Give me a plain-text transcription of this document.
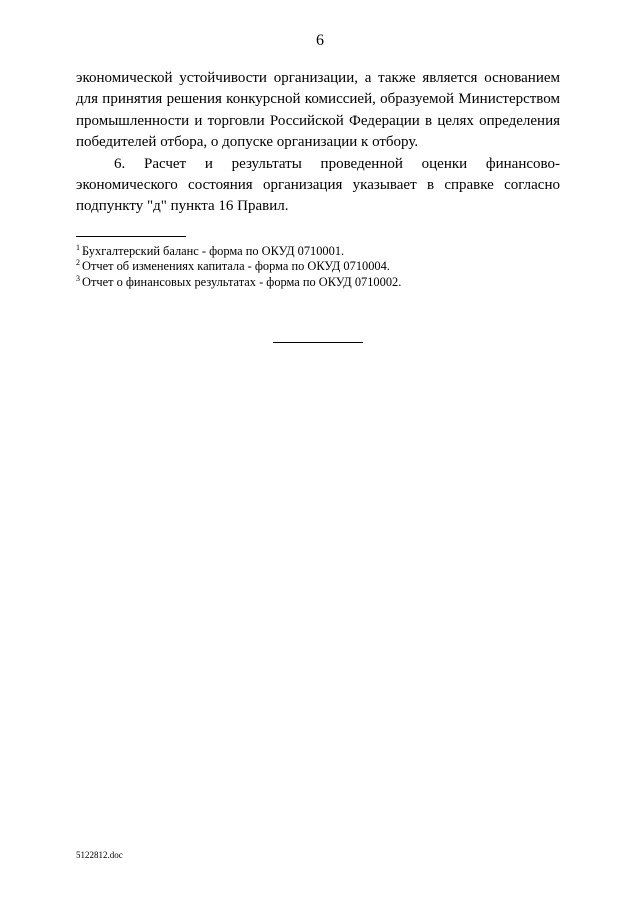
6

экономической устойчивости организации, а также является основанием для принятия решения конкурсной комиссией, образуемой Министерством промышленности и торговли Российской Федерации в целях определения победителей отбора, о допуске организации к отбору.

6. Расчет и результаты проведенной оценки финансово-экономического состояния организация указывает в справке согласно подпункту "д" пункта 16 Правил.

$^1$ Бухгалтерский баланс - форма по ОКУД 0710001.
$^2$ Отчет об изменениях капитала - форма по ОКУД 0710004.
$^3$ Отчет о финансовых результатах - форма по ОКУД 0710002.
5122812.doc
